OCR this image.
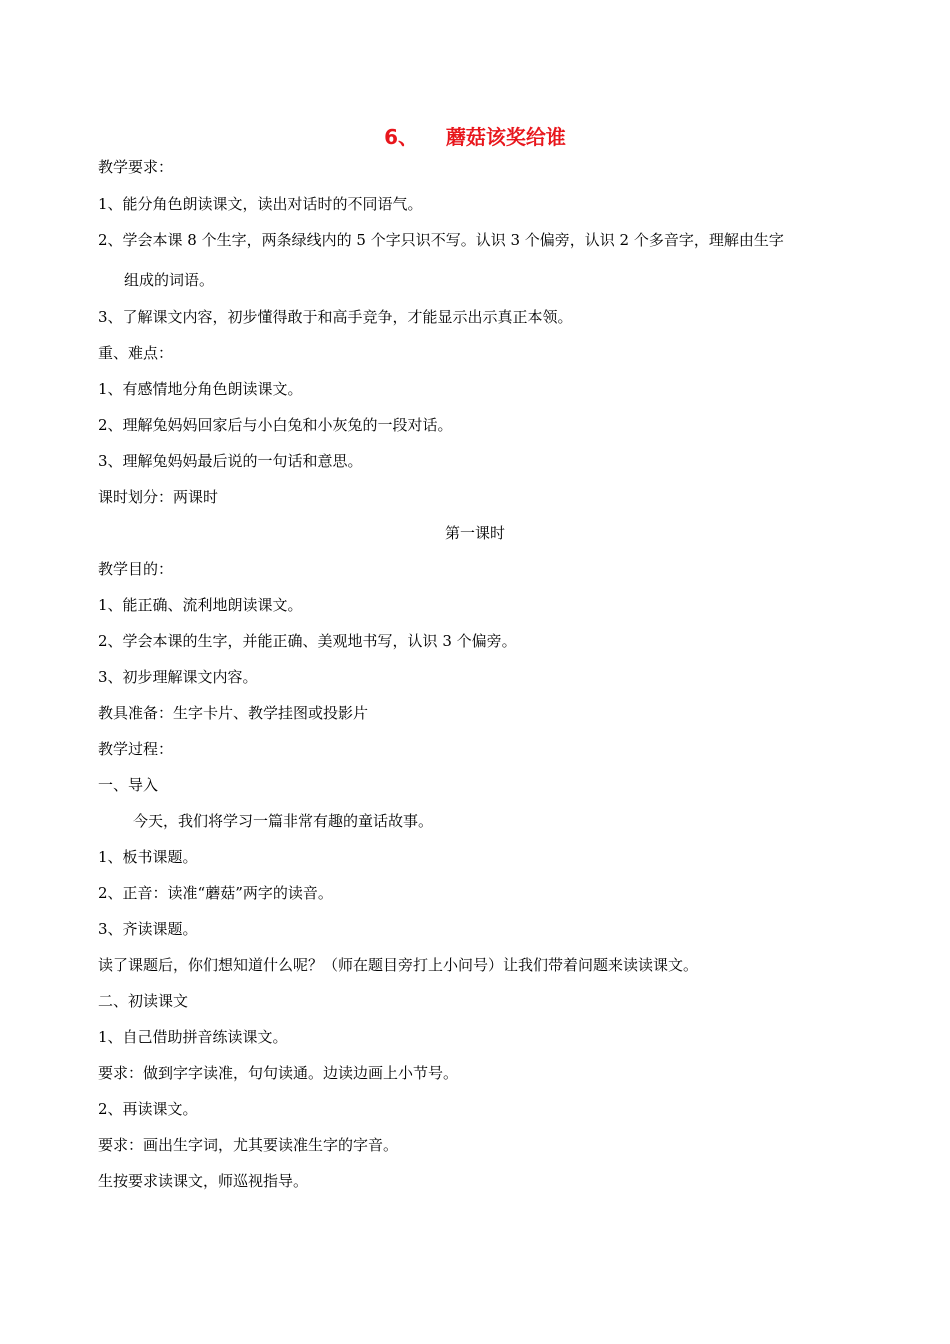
6、    蘑菇该奖给谁
教学要求：
1、能分角色朗读课文，读出对话时的不同语气。
2、学会本课 8 个生字，两条绿线内的 5 个字只识不写。认识 3 个偏旁，认识 2 个多音字，理解由生字
组成的词语。
3、了解课文内容，初步懂得敢于和高手竞争，才能显示出示真正本领。
重、难点：
1、有感情地分角色朗读课文。
2、理解兔妈妈回家后与小白兔和小灰兔的一段对话。
3、理解兔妈妈最后说的一句话和意思。
课时划分：两课时
第一课时
教学目的：
1、能正确、流利地朗读课文。
2、学会本课的生字，并能正确、美观地书写，认识 3 个偏旁。
3、初步理解课文内容。
教具准备：生字卡片、教学挂图或投影片
教学过程：
一、导入
今天，我们将学习一篇非常有趣的童话故事。
1、板书课题。
2、正音：读准“蘑菇”两字的读音。
3、齐读课题。
读了课题后，你们想知道什么呢？（师在题目旁打上小问号）让我们带着问题来读读课文。
二、初读课文
1、自己借助拼音练读课文。
要求：做到字字读准，句句读通。边读边画上小节号。
2、再读课文。
要求：画出生字词，尤其要读准生字的字音。
生按要求读课文，师巡视指导。
